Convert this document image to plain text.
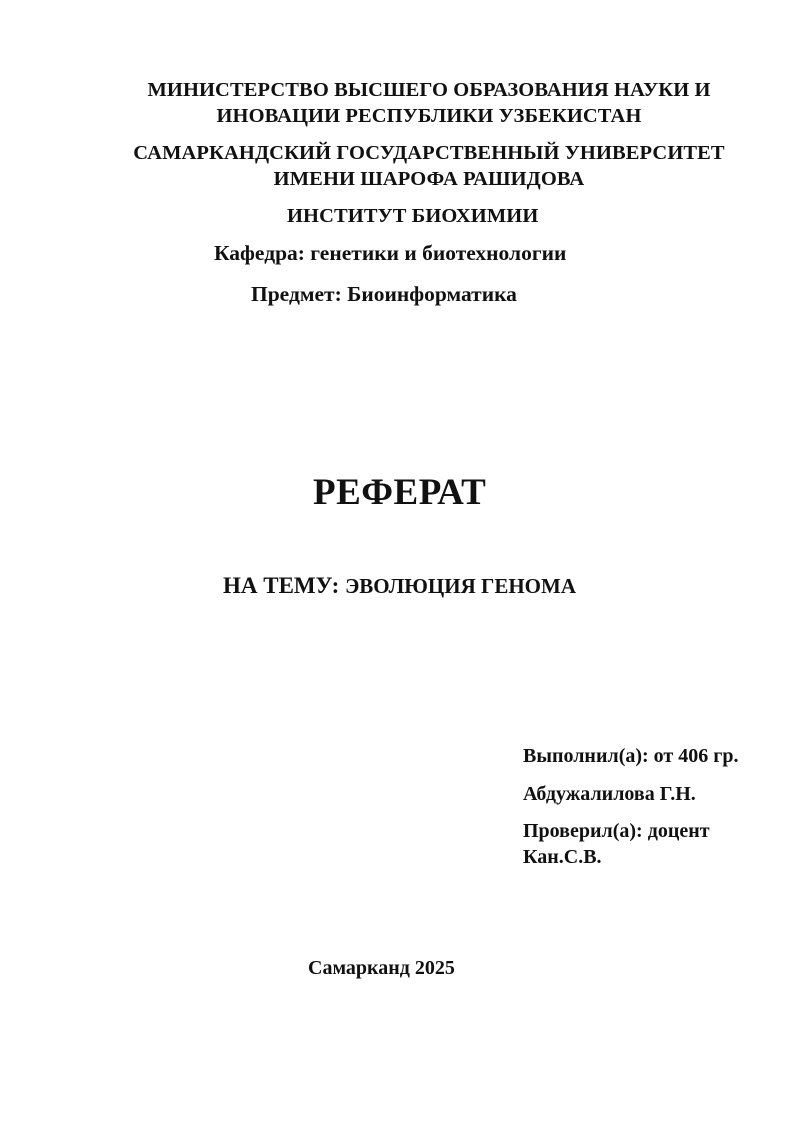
МИНИСТЕРСТВО ВЫСШЕГО ОБРАЗОВАНИЯ НАУКИ И
ИНОВАЦИИ РЕСПУБЛИКИ УЗБЕКИСТАН
САМАРКАНДСКИЙ ГОСУДАРСТВЕННЫЙ УНИВЕРСИТЕТ
ИМЕНИ ШАРОФА РАШИДОВА
ИНСТИТУТ БИОХИМИИ
Кафедра: генетики и биотехнологии
Предмет: Биоинформатика
РЕФЕРАТ
НА ТЕМУ: ЭВОЛЮЦИЯ ГЕНОМА
Выполнил(а): от 406 гр.
Абдужалилова Г.Н.
Проверил(а): доцент
Кан.С.В.
Самарканд 2025
